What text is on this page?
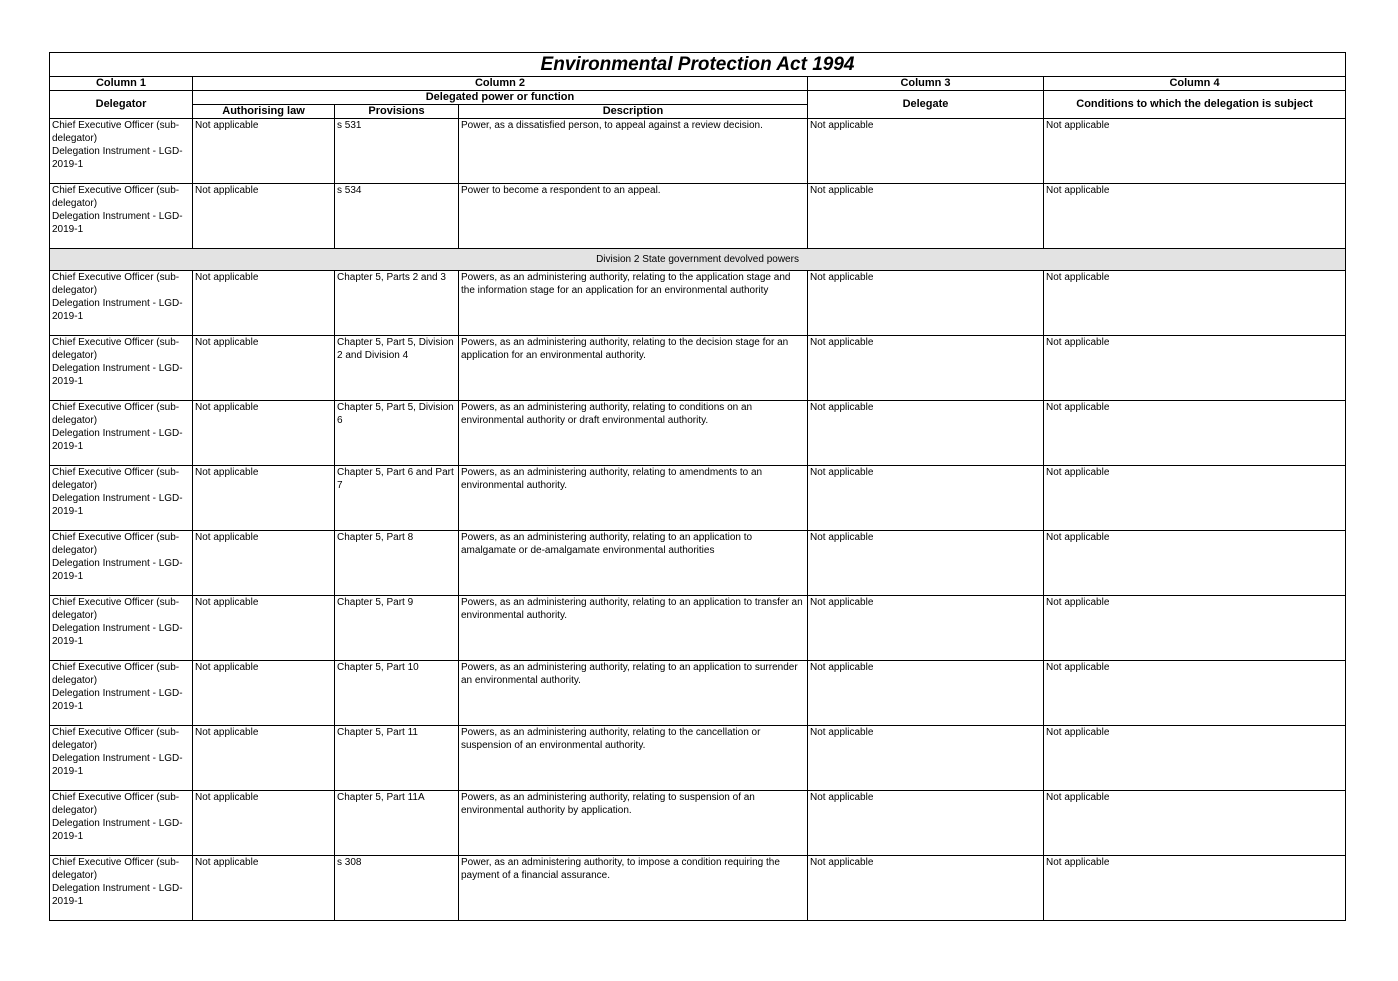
Environmental Protection Act 1994					
Column 1	Column 2			Column 3	Column 4
Delegator	Delegated power or function			Delegate	Conditions to which the delegation is subject
	Authorising law	Provisions	Description		

Chief Executive Officer (sub-
delegator)
Delegation Instrument - LGD-
2019-1	Not applicable	s 531	Power, as a dissatisfied person, to appeal against a review decision.	Not applicable	Not applicable

Chief Executive Officer (sub-
delegator)
Delegation Instrument - LGD-
2019-1	Not applicable	s 534	Power to become a respondent to an appeal.	Not applicable	Not applicable
Division 2 State government devolved powers					

Chief Executive Officer (sub-
delegator)
Delegation Instrument - LGD-
2019-1	Not applicable	Chapter 5, Parts 2 and 3	Powers, as an administering authority, relating to the application stage and the information stage for an application for an environmental authority	Not applicable	Not applicable

Chief Executive Officer (sub-
delegator)
Delegation Instrument - LGD-
2019-1	Not applicable	Chapter 5, Part 5, Division 2 and Division 4	Powers, as an administering authority, relating to the decision stage for an application for an environmental authority.	Not applicable	Not applicable

Chief Executive Officer (sub-
delegator)
Delegation Instrument - LGD-
2019-1	Not applicable	Chapter 5, Part 5, Division 6	Powers, as an administering authority, relating to conditions on an environmental authority or draft environmental authority.	Not applicable	Not applicable

Chief Executive Officer (sub-
delegator)
Delegation Instrument - LGD-
2019-1	Not applicable	Chapter 5, Part 6 and Part 7	Powers, as an administering authority, relating to amendments to an environmental authority.	Not applicable	Not applicable

Chief Executive Officer (sub-
delegator)
Delegation Instrument - LGD-
2019-1	Not applicable	Chapter 5, Part 8	Powers, as an administering authority, relating to an application to amalgamate or de-amalgamate environmental authorities	Not applicable	Not applicable

Chief Executive Officer (sub-
delegator)
Delegation Instrument - LGD-
2019-1	Not applicable	Chapter 5, Part 9	Powers, as an administering authority, relating to an application to transfer an environmental authority.	Not applicable	Not applicable

Chief Executive Officer (sub-
delegator)
Delegation Instrument - LGD-
2019-1	Not applicable	Chapter 5, Part 10	Powers, as an administering authority, relating to an application to surrender an environmental authority.	Not applicable	Not applicable

Chief Executive Officer (sub-
delegator)
Delegation Instrument - LGD-
2019-1	Not applicable	Chapter 5, Part 11	Powers, as an administering authority, relating to the cancellation or suspension of an environmental authority.	Not applicable	Not applicable

Chief Executive Officer (sub-
delegator)
Delegation Instrument - LGD-
2019-1	Not applicable	Chapter 5, Part 11A	Powers, as an administering authority, relating to suspension of an environmental authority by application.	Not applicable	Not applicable

Chief Executive Officer (sub-
delegator)
Delegation Instrument - LGD-
2019-1	Not applicable	s 308	Power, as an administering authority, to impose a condition requiring the payment of a financial assurance.	Not applicable	Not applicable
